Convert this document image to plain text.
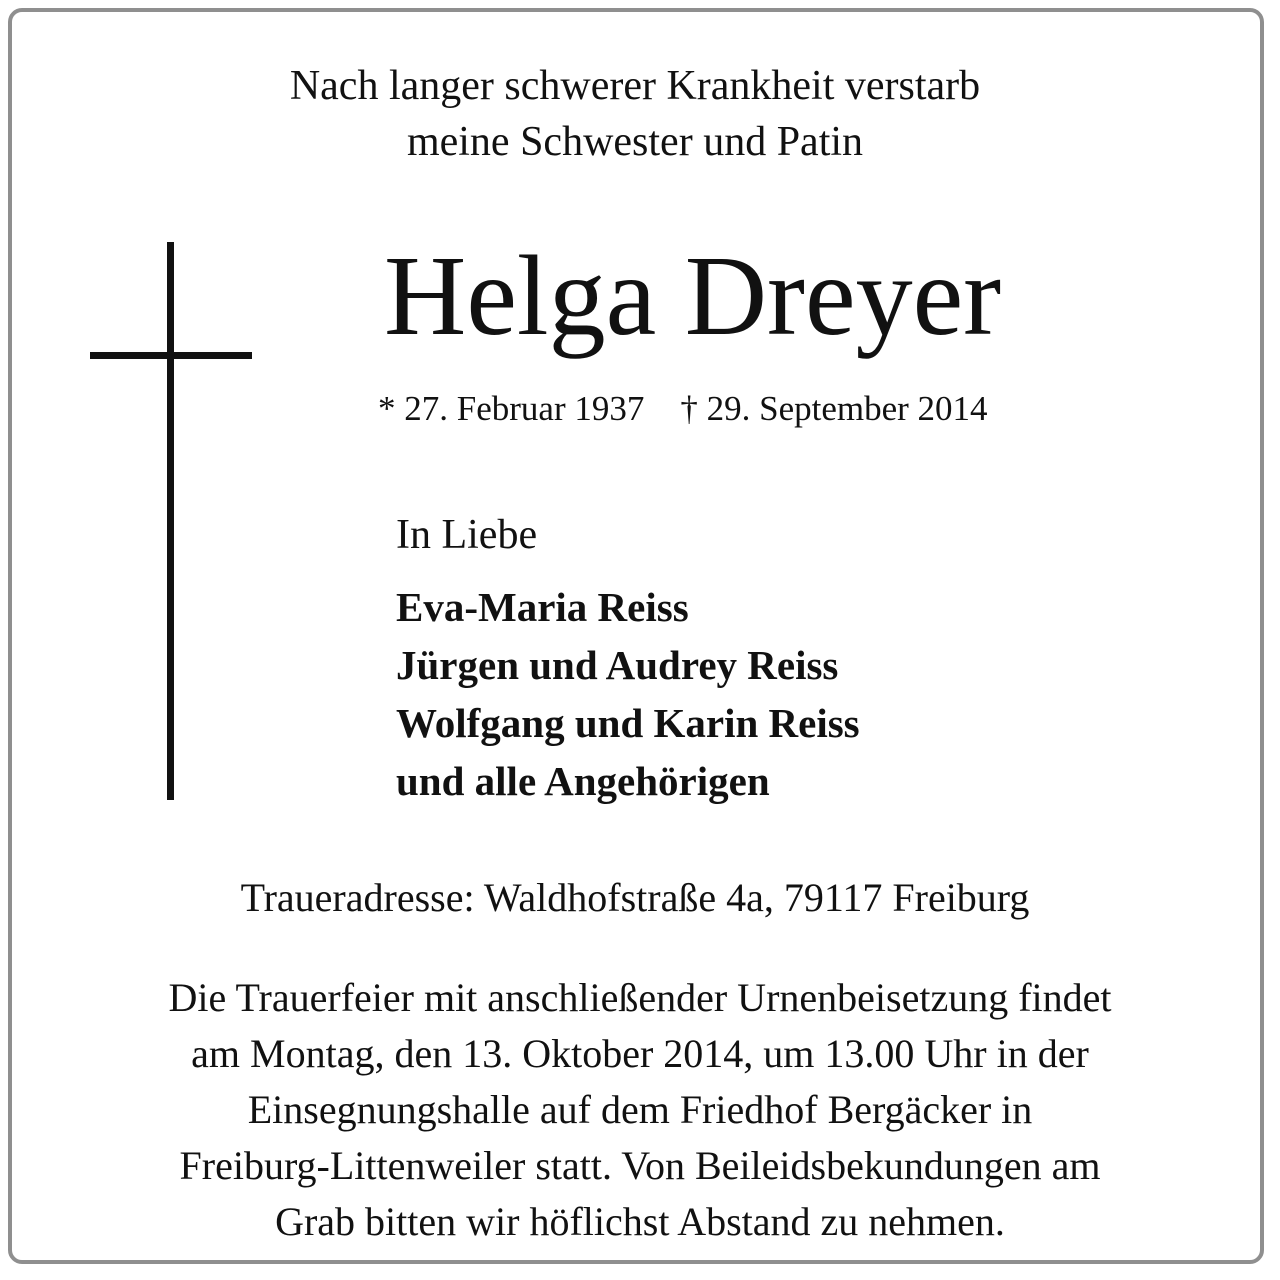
Nach langer schwerer Krankheit verstarb
meine Schwester und Patin
Helga Dreyer
* 27. Februar 1937 † 29. September 2014
In Liebe
Eva-Maria Reiss
Jürgen und Audrey Reiss
Wolfgang und Karin Reiss
und alle Angehörigen
Traueradresse: Waldhofstraße 4a, 79117 Freiburg
Die Trauerfeier mit anschließender Urnenbeisetzung findet
am Montag, den 13. Oktober 2014, um 13.00 Uhr in der
Einsegnungshalle auf dem Friedhof Bergäcker in
Freiburg-Littenweiler statt. Von Beileidsbekundungen am
Grab bitten wir höflichst Abstand zu nehmen.
